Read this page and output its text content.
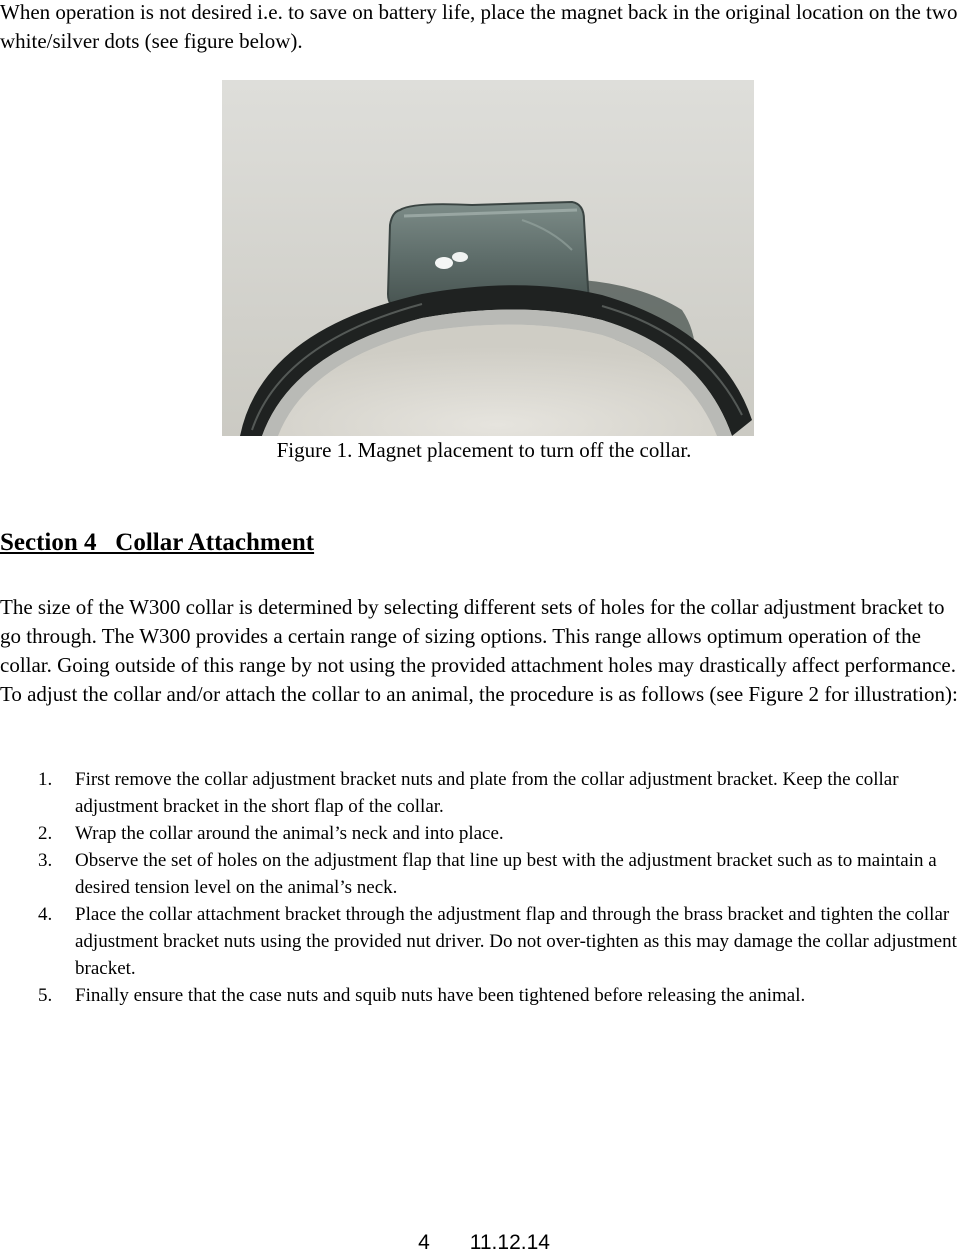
When operation is not desired i.e. to save on battery life, place the magnet back in the original location on the two white/silver dots (see figure below).

Figure 1. Magnet placement to turn off the collar.

Section 4   Collar Attachment

The size of the W300 collar is determined by selecting different sets of holes for the collar adjustment bracket to go through. The W300 provides a certain range of sizing options. This range allows optimum operation of the collar. Going outside of this range by not using the provided attachment holes may drastically affect performance. To adjust the collar and/or attach the collar to an animal, the procedure is as follows (see Figure 2 for illustration):

1. First remove the collar adjustment bracket nuts and plate from the collar adjustment bracket. Keep the collar adjustment bracket in the short flap of the collar.
2. Wrap the collar around the animal’s neck and into place.
3. Observe the set of holes on the adjustment flap that line up best with the adjustment bracket such as to maintain a desired tension level on the animal’s neck.
4. Place the collar attachment bracket through the adjustment flap and through the brass bracket and tighten the collar adjustment bracket nuts using the provided nut driver. Do not over-tighten as this may damage the collar adjustment bracket.
5. Finally ensure that the case nuts and squib nuts have been tightened before releasing the animal.

4 11.12.14
